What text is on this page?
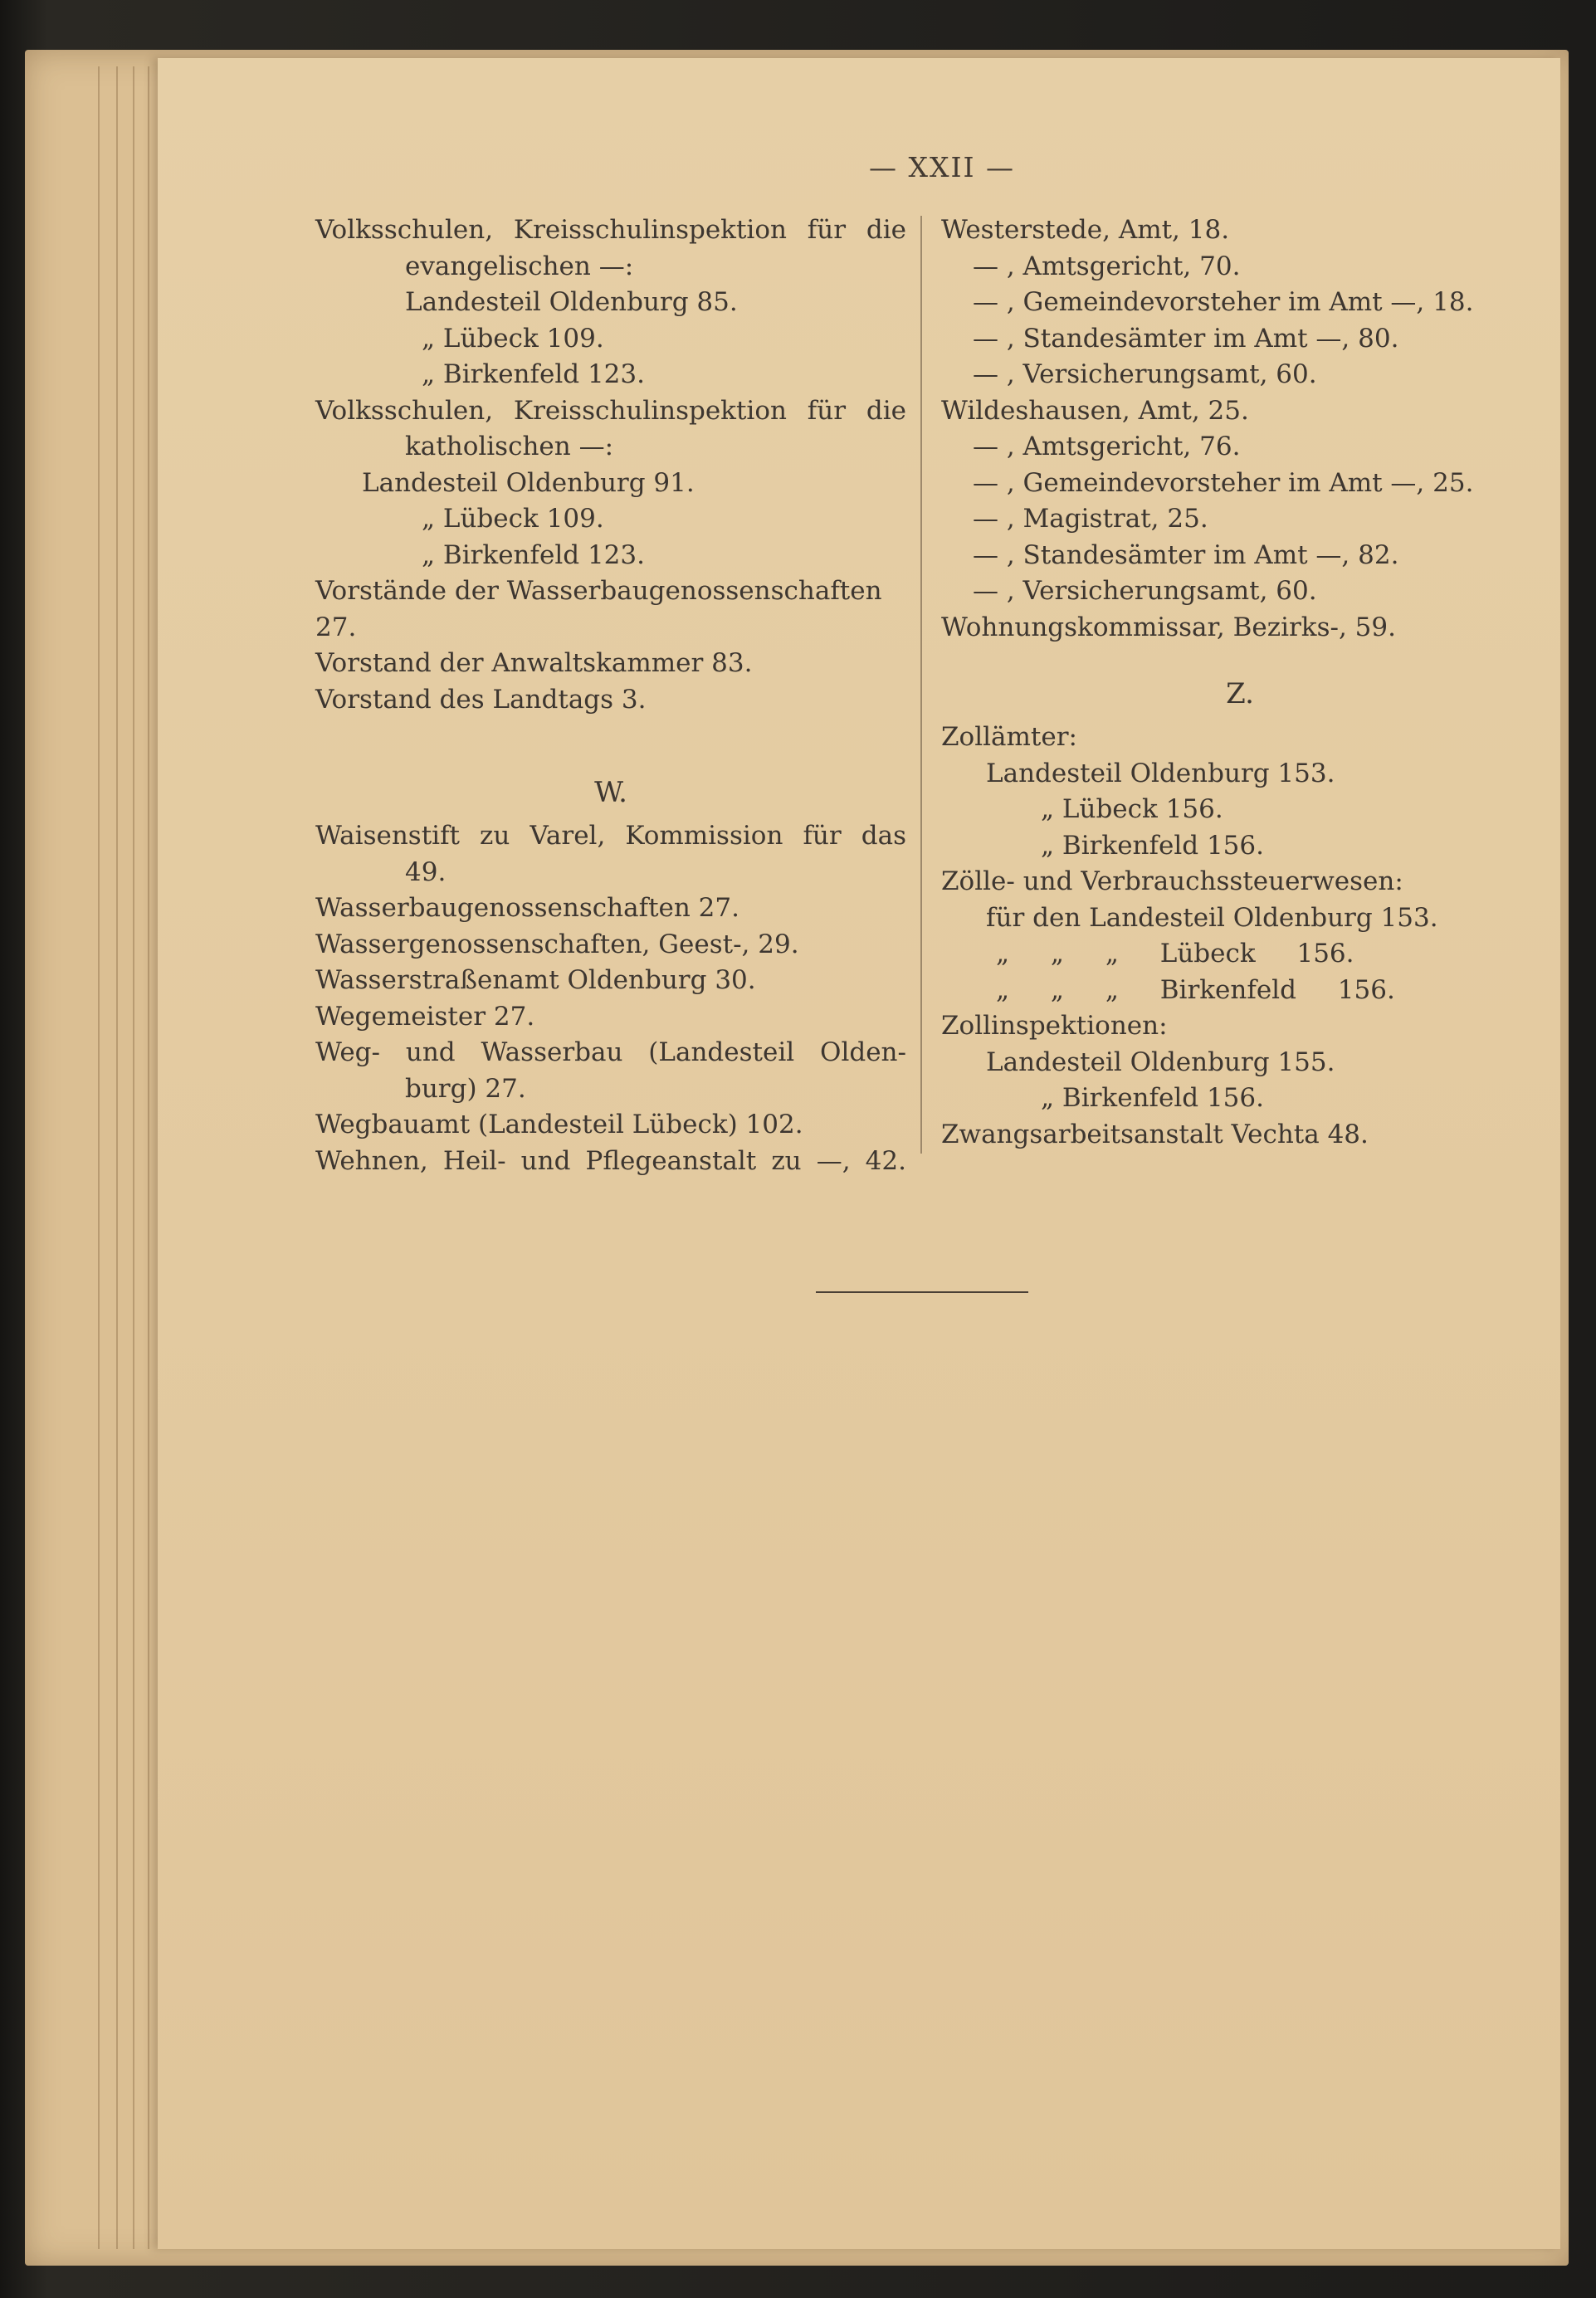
— XXII —

Volksschulen, Kreisschulinspektion für die

evangelischen —:

Landesteil Oldenburg 85.

„ Lübeck 109.

„ Birkenfeld 123.

Volksschulen, Kreisschulinspektion für die

katholischen —:

Landesteil Oldenburg 91.

„ Lübeck 109.

„ Birkenfeld 123.

Vorstände der Wasserbaugenossenschaften 27.

Vorstand der Anwaltskammer 83.

Vorstand des Landtags 3.

W.

Waisenstift zu Varel, Kommission für das

49.

Wasserbaugenossenschaften 27.

Wassergenossenschaften, Geest-, 29.

Wasserstraßenamt Oldenburg 30.

Wegemeister 27.

Weg- und Wasserbau (Landesteil Olden-

burg) 27.

Wegbauamt (Landesteil Lübeck) 102.

Wehnen, Heil- und Pflegeanstalt zu —, 42.

Westerstede, Amt, 18.

— , Amtsgericht, 70.

— , Gemeindevorsteher im Amt —, 18.

— , Standesämter im Amt —, 80.

— , Versicherungsamt, 60.

Wildeshausen, Amt, 25.

— , Amtsgericht, 76.

— , Gemeindevorsteher im Amt —, 25.

— , Magistrat, 25.

— , Standesämter im Amt —, 82.

— , Versicherungsamt, 60.

Wohnungskommissar, Bezirks-, 59.

Z.

Zollämter:

Landesteil Oldenburg 153.

„ Lübeck 156.

„ Birkenfeld 156.

Zölle- und Verbrauchssteuerwesen:

für den Landesteil Oldenburg 153.

„ „ „ Lübeck 156.

„ „ „ Birkenfeld 156.

Zollinspektionen:

Landesteil Oldenburg 155.

„ Birkenfeld 156.

Zwangsarbeitsanstalt Vechta 48.
